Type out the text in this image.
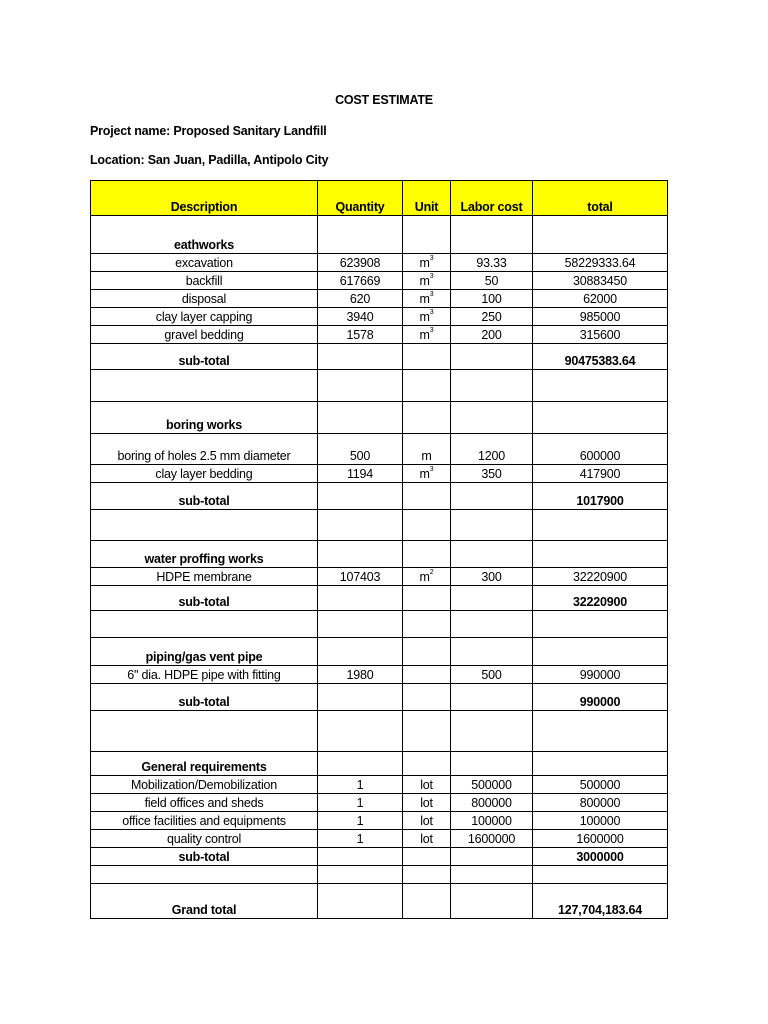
COST ESTIMATE
Project name: Proposed Sanitary Landfill
Location: San Juan, Padilla, Antipolo City
Description	Quantity	Unit	Labor cost	total
eathworks				
excavation	623908	$m^3$	93.33	58229333.64
backfill	617669	$m^3$	50	30883450
disposal	620	$m^3$	100	62000
clay layer capping	3940	$m^3$	250	985000
gravel bedding	1578	$m^3$	200	315600
sub-total				90475383.64

boring works				
boring of holes 2.5 mm diameter	500	m	1200	600000
clay layer bedding	1194	$m^3$	350	417900
sub-total				1017900

water proffing works				
HDPE membrane	107403	$m^2$	300	32220900
sub-total				32220900

piping/gas vent pipe				
6" dia. HDPE pipe with fitting	1980		500	990000
sub-total				990000

General requirements				
Mobilization/Demobilization	1	lot	500000	500000
field offices and sheds	1	lot	800000	800000
office facilities and equipments	1	lot	100000	100000
quality control	1	lot	1600000	1600000
sub-total				3000000

Grand total				127,704,183.64
